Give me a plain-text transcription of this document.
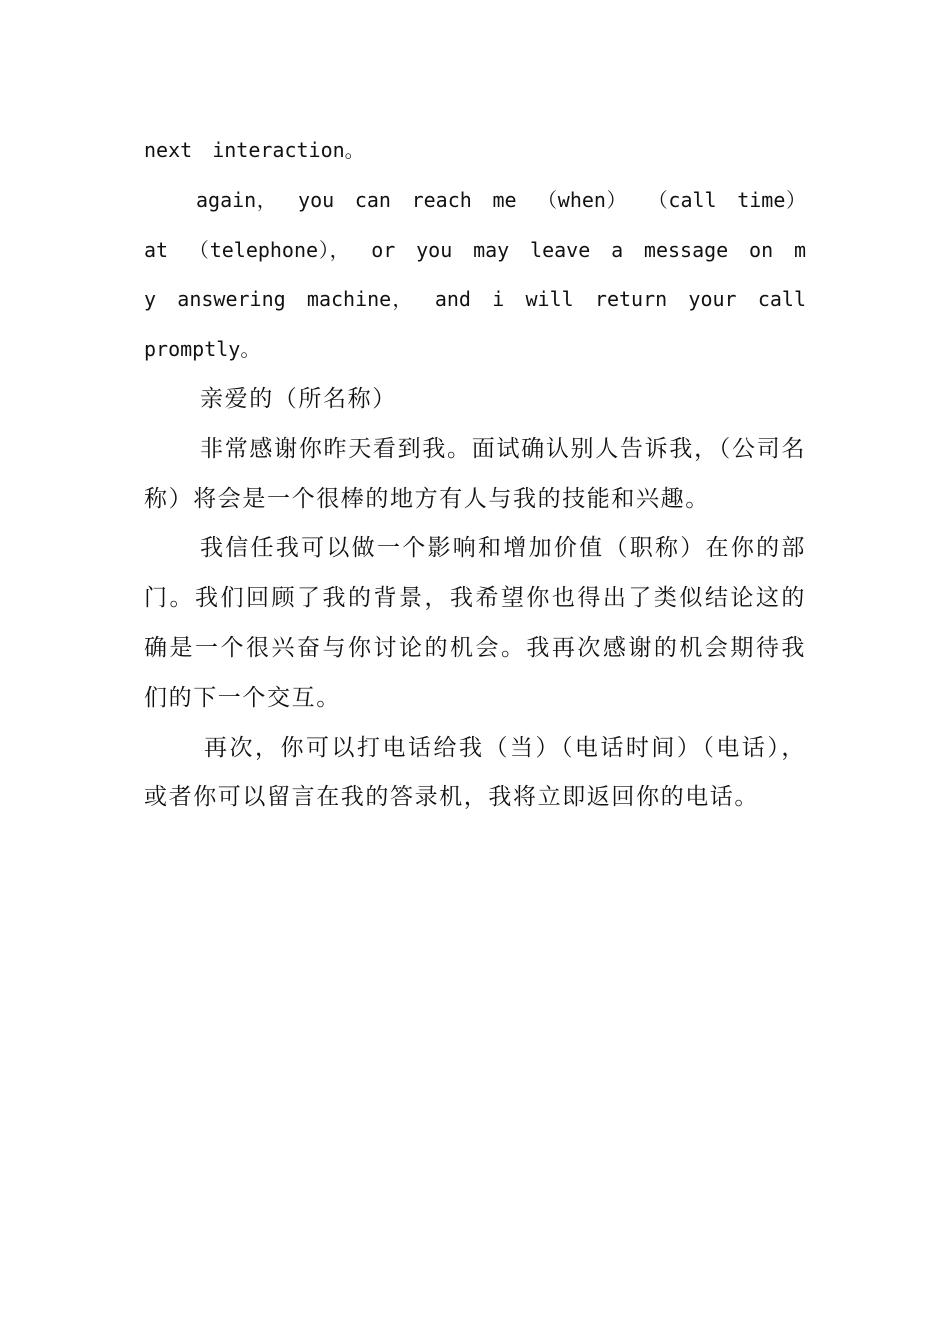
next interaction。

again， you can reach me （when） （call time） at （telephone）， or you may leave a message on my answering machine， and i will return your call promptly。

亲爱的（所名称）

非常感谢你昨天看到我。面试确认别人告诉我，（公司名称）将会是一个很棒的地方有人与我的技能和兴趣。

我信任我可以做一个影响和增加价值（职称）在你的部门。我们回顾了我的背景，我希望你也得出了类似结论这的确是一个很兴奋与你讨论的机会。我再次感谢的机会期待我们的下一个交互。

再次，你可以打电话给我（当）（电话时间）（电话），或者你可以留言在我的答录机，我将立即返回你的电话。
